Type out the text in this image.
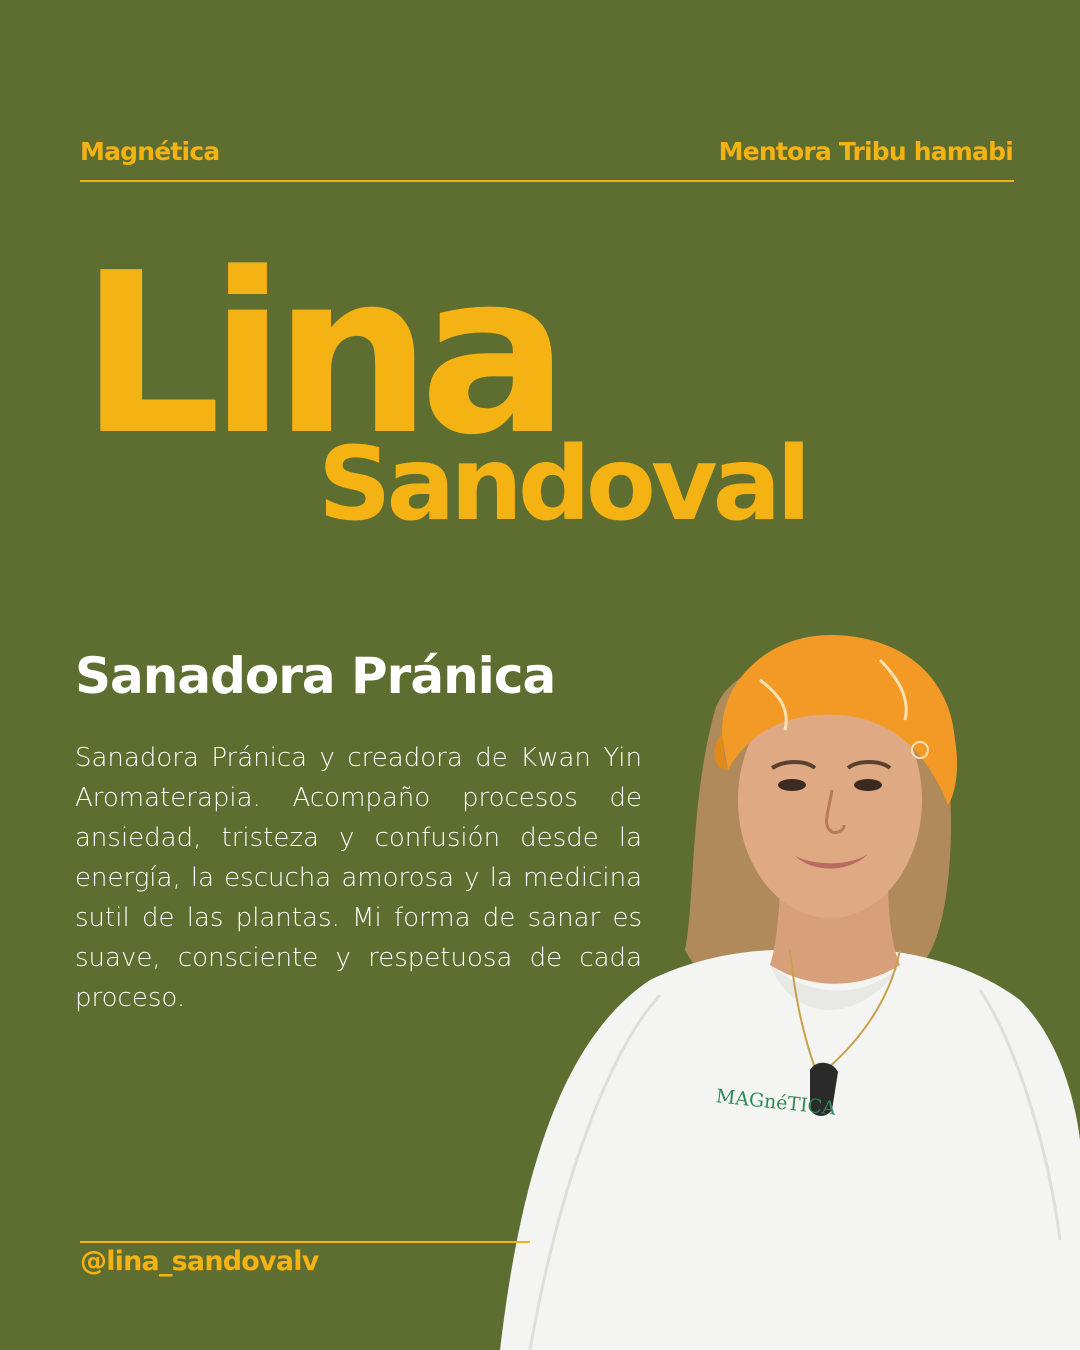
Magnética	Mentora Tribu hamabi
Lina
Sandoval
Sanadora Pránica
Sanadora Pránica y creadora de Kwan Yin Aromaterapia. Acompaño procesos de ansiedad, tristeza y confusión desde la energía, la escucha amorosa y la medicina sutil de las plantas. Mi forma de sanar es suave, consciente y respetuosa de cada proceso.
MAGnéTICA
@lina_sandovalv
